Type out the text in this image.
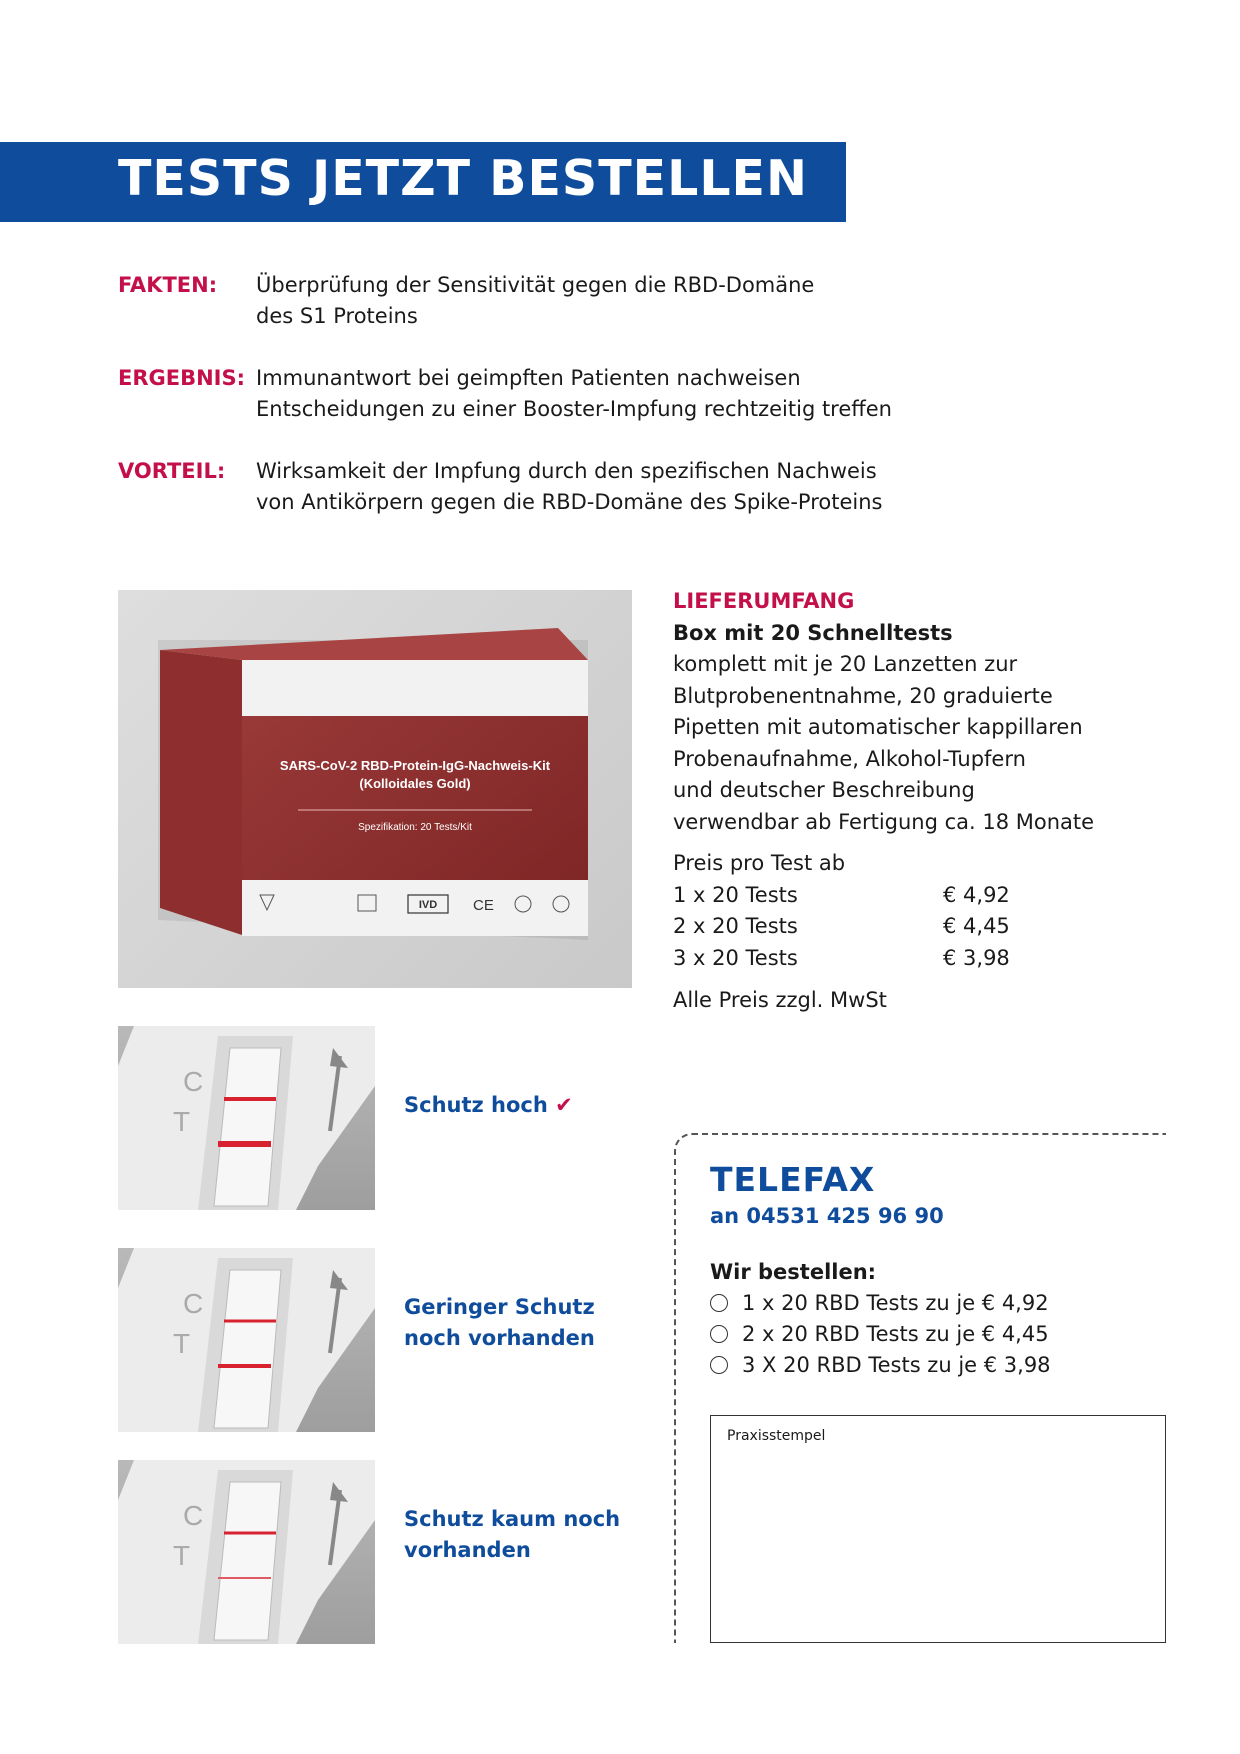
TESTS JETZT BESTELLEN
FAKTEN: Überprüfung der Sensitivität gegen die RBD-Domäne
des S1 Proteins
ERGEBNIS: Immunantwort bei geimpften Patienten nachweisen
Entscheidungen zu einer Booster-Impfung rechtzeitig treffen
VORTEIL: Wirksamkeit der Impfung durch den spezifischen Nachweis
von Antikörpern gegen die RBD-Domäne des Spike-Proteins
SARS-CoV-2 RBD-Protein-IgG-Nachweis-Kit
(Kolloidales Gold)
Spezifikation: 20 Tests/Kit
IVD CE
LIEFERUMFANG
Box mit 20 Schnelltests
komplett mit je 20 Lanzetten zur
Blutprobenentnahme, 20 graduierte
Pipetten mit automatischer kappillaren
Probenaufnahme, Alkohol-Tupfern
und deutscher Beschreibung
verwendbar ab Fertigung ca. 18 Monate
Preis pro Test ab
1 x 20 Tests	€ 4,92
2 x 20 Tests	€ 4,45
3 x 20 Tests	€ 3,98
Alle Preis zzgl. MwSt
C
T
Schutz hoch ✔
C
T
Geringer Schutz
noch vorhanden
C
T
Schutz kaum noch
vorhanden
TELEFAX
an 04531 425 96 90
Wir bestellen:
1 x 20 RBD Tests zu je € 4,92
2 x 20 RBD Tests zu je € 4,45
3 X 20 RBD Tests zu je € 3,98
Praxisstempel
